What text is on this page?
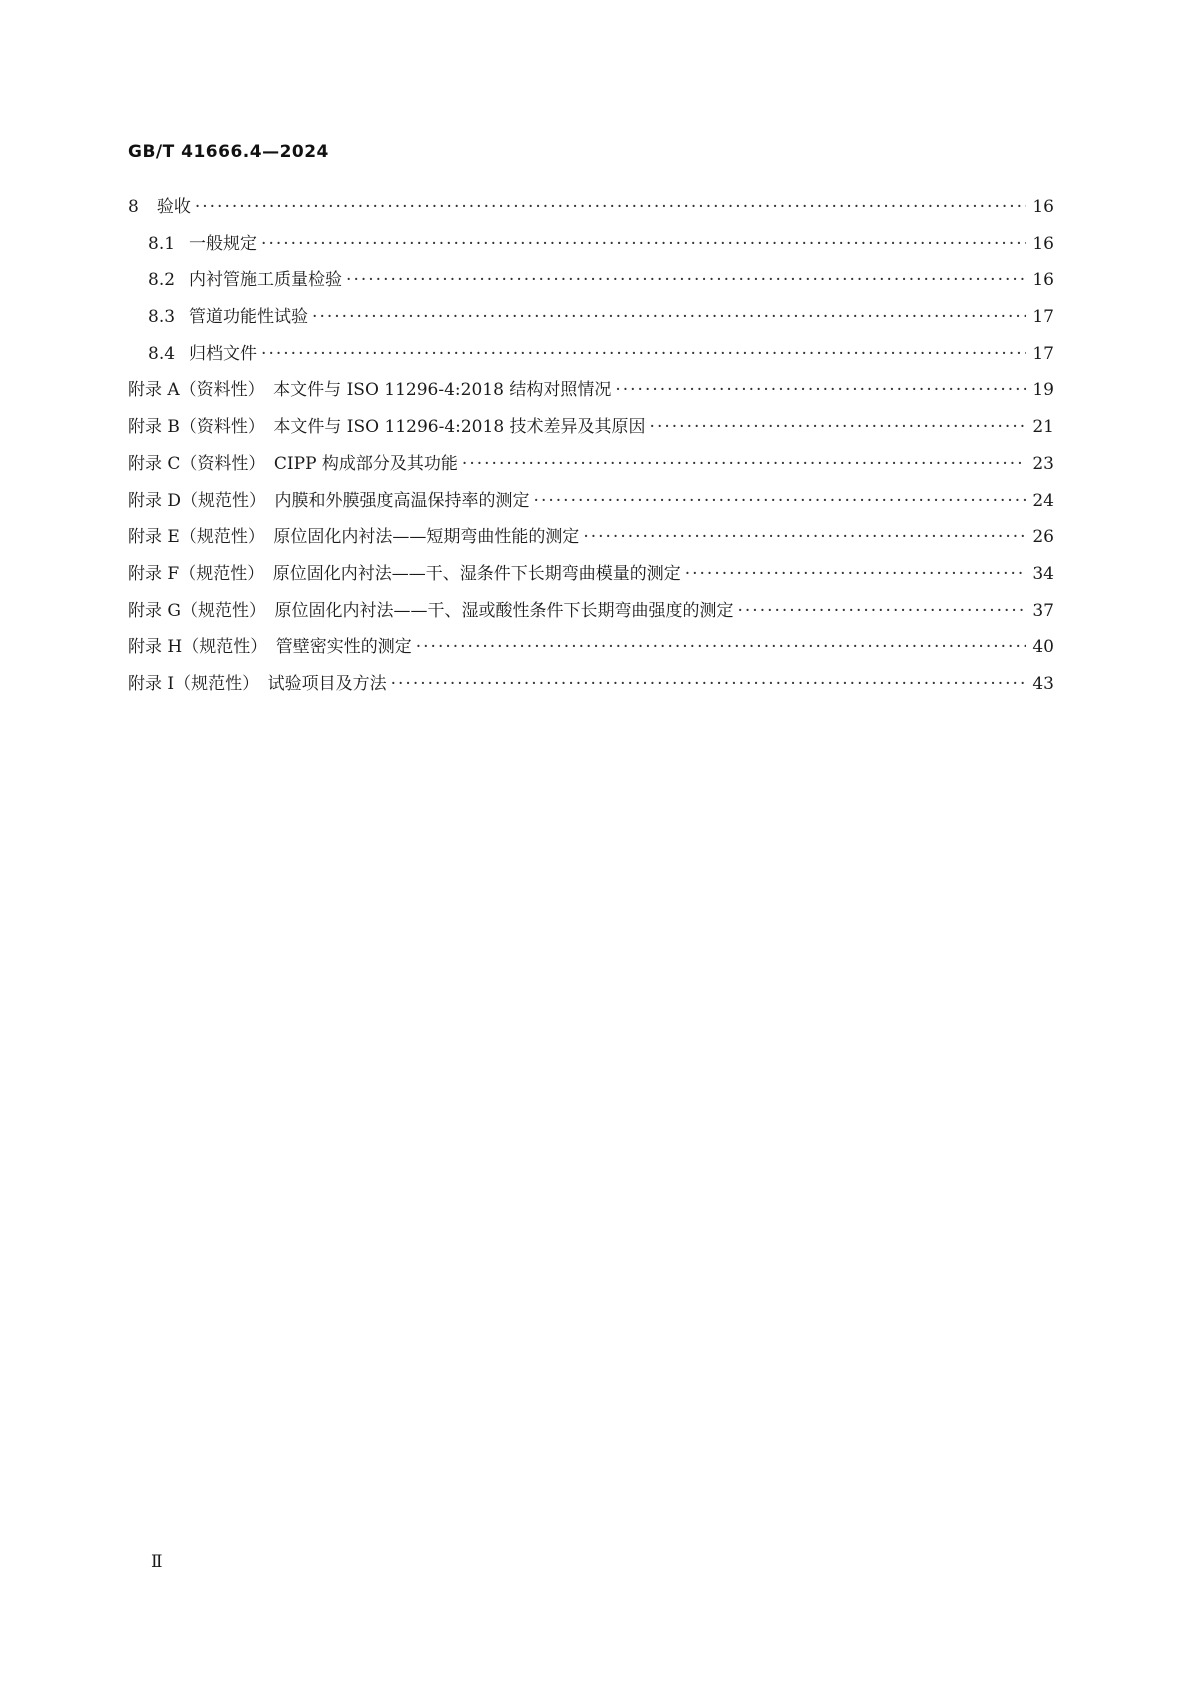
GB/T 41666.4—2024
8 验收 ·····	16
8.1 一般规定 ·····	16
8.2 内衬管施工质量检验 ·····	16
8.3 管道功能性试验 ·····	17
8.4 归档文件 ·····	17
附录 A（资料性）　本文件与 ISO 11296-4:2018 结构对照情况 ·····	19
附录 B（资料性）　本文件与 ISO 11296-4:2018 技术差异及其原因 ·····	21
附录 C（资料性）　CIPP 构成部分及其功能 ·····	23
附录 D（规范性）　内膜和外膜强度高温保持率的测定 ·····	24
附录 E（规范性）　原位固化内衬法——短期弯曲性能的测定 ·····	26
附录 F（规范性）　原位固化内衬法——干、湿条件下长期弯曲模量的测定 ·····	34
附录 G（规范性）　原位固化内衬法——干、湿或酸性条件下长期弯曲强度的测定 ·····	37
附录 H（规范性）　管壁密实性的测定 ·····	40
附录 I（规范性）　试验项目及方法 ·····	43
Ⅱ
